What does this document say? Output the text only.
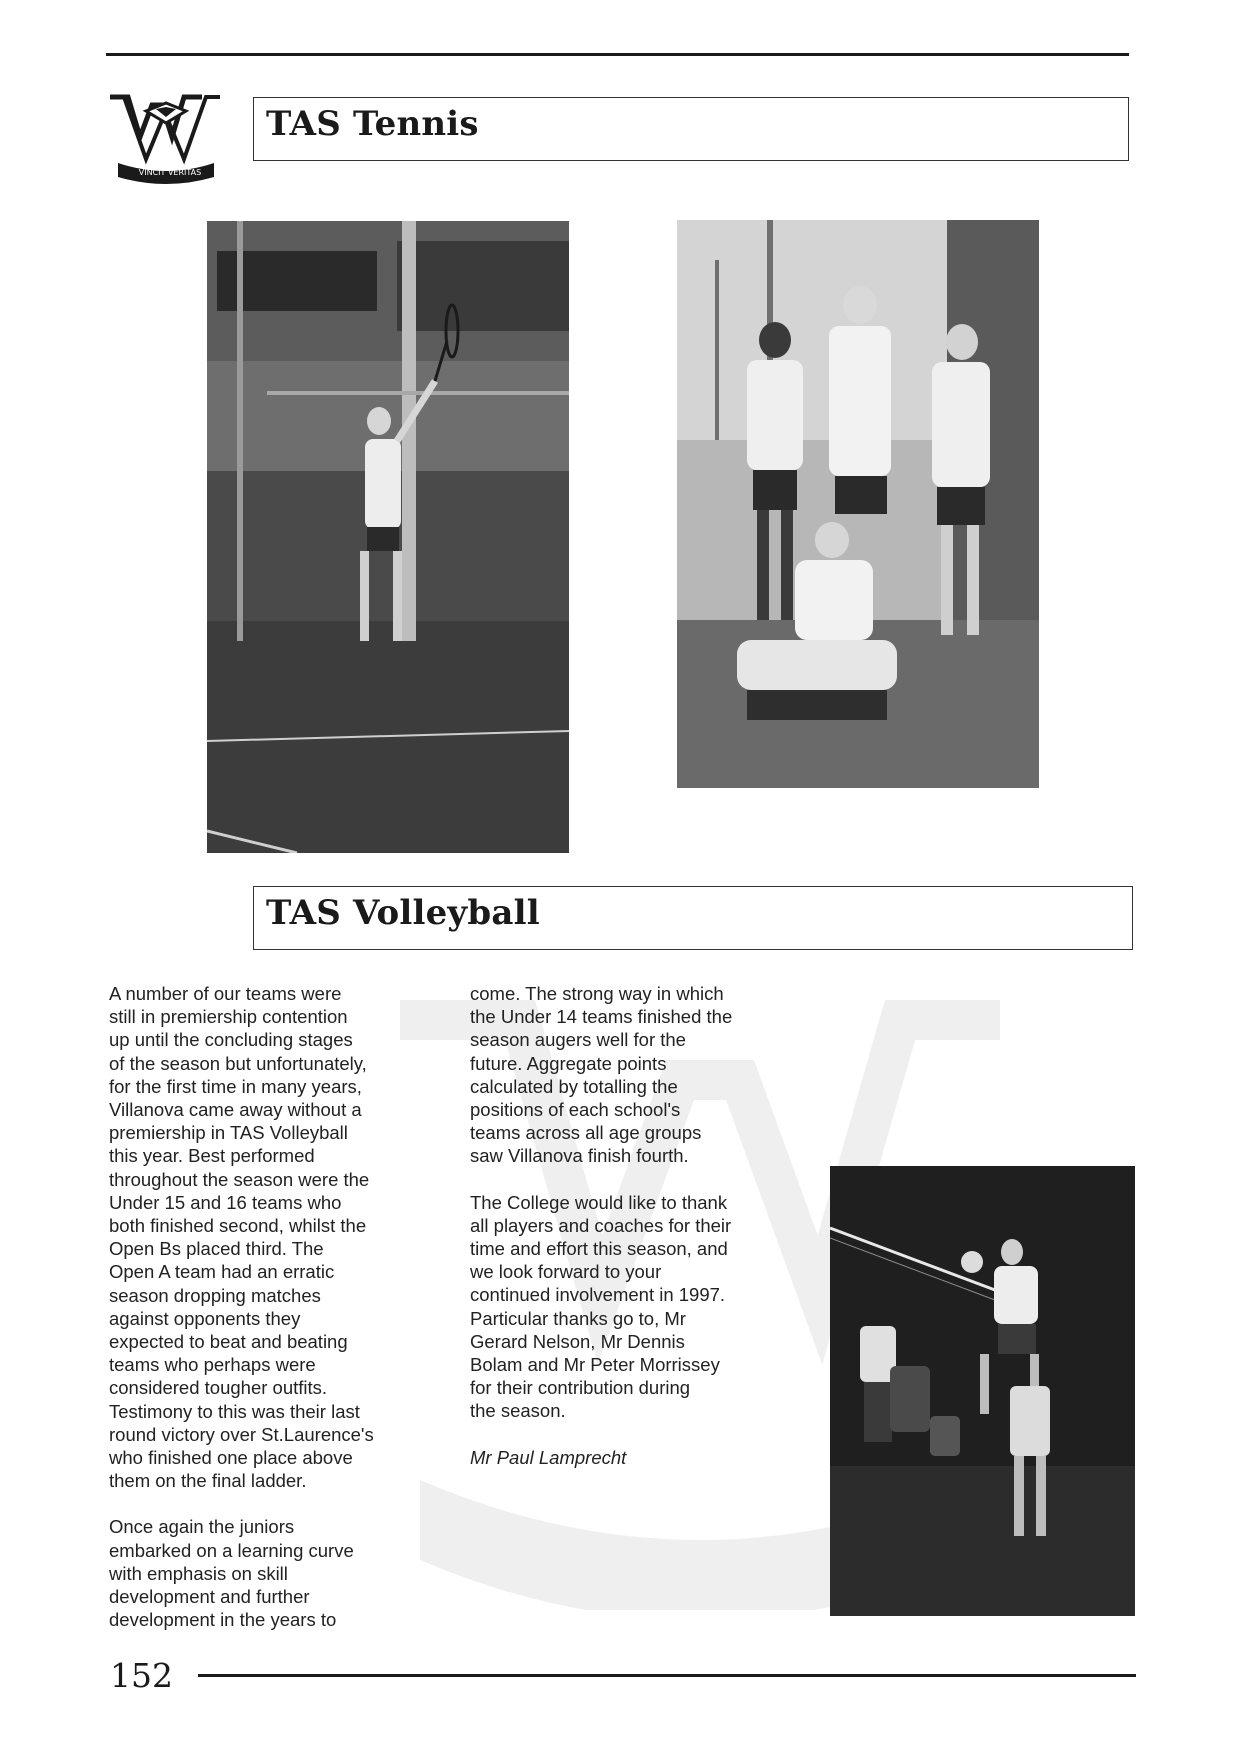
VINCIT VERITAS
TAS Tennis
TAS Volleyball

A number of our teams were
still in premiership contention
up until the concluding stages
of the season but unfortunately,
for the first time in many years,
Villanova came away without a
premiership in TAS Volleyball
this year. Best performed
throughout the season were the
Under 15 and 16 teams who
both finished second, whilst the
Open Bs placed third. The
Open A team had an erratic
season dropping matches
against opponents they
expected to beat and beating
teams who perhaps were
considered tougher outfits.
Testimony to this was their last
round victory over St.Laurence's
who finished one place above
them on the final ladder.

Once again the juniors
embarked on a learning curve
with emphasis on skill
development and further
development in the years to

come. The strong way in which
the Under 14 teams finished the
season augers well for the
future. Aggregate points
calculated by totalling the
positions of each school's
teams across all age groups
saw Villanova finish fourth.

The College would like to thank
all players and coaches for their
time and effort this season, and
we look forward to your
continued involvement in 1997.
Particular thanks go to, Mr
Gerard Nelson, Mr Dennis
Bolam and Mr Peter Morrissey
for their contribution during
the season.

Mr Paul Lamprecht

152
